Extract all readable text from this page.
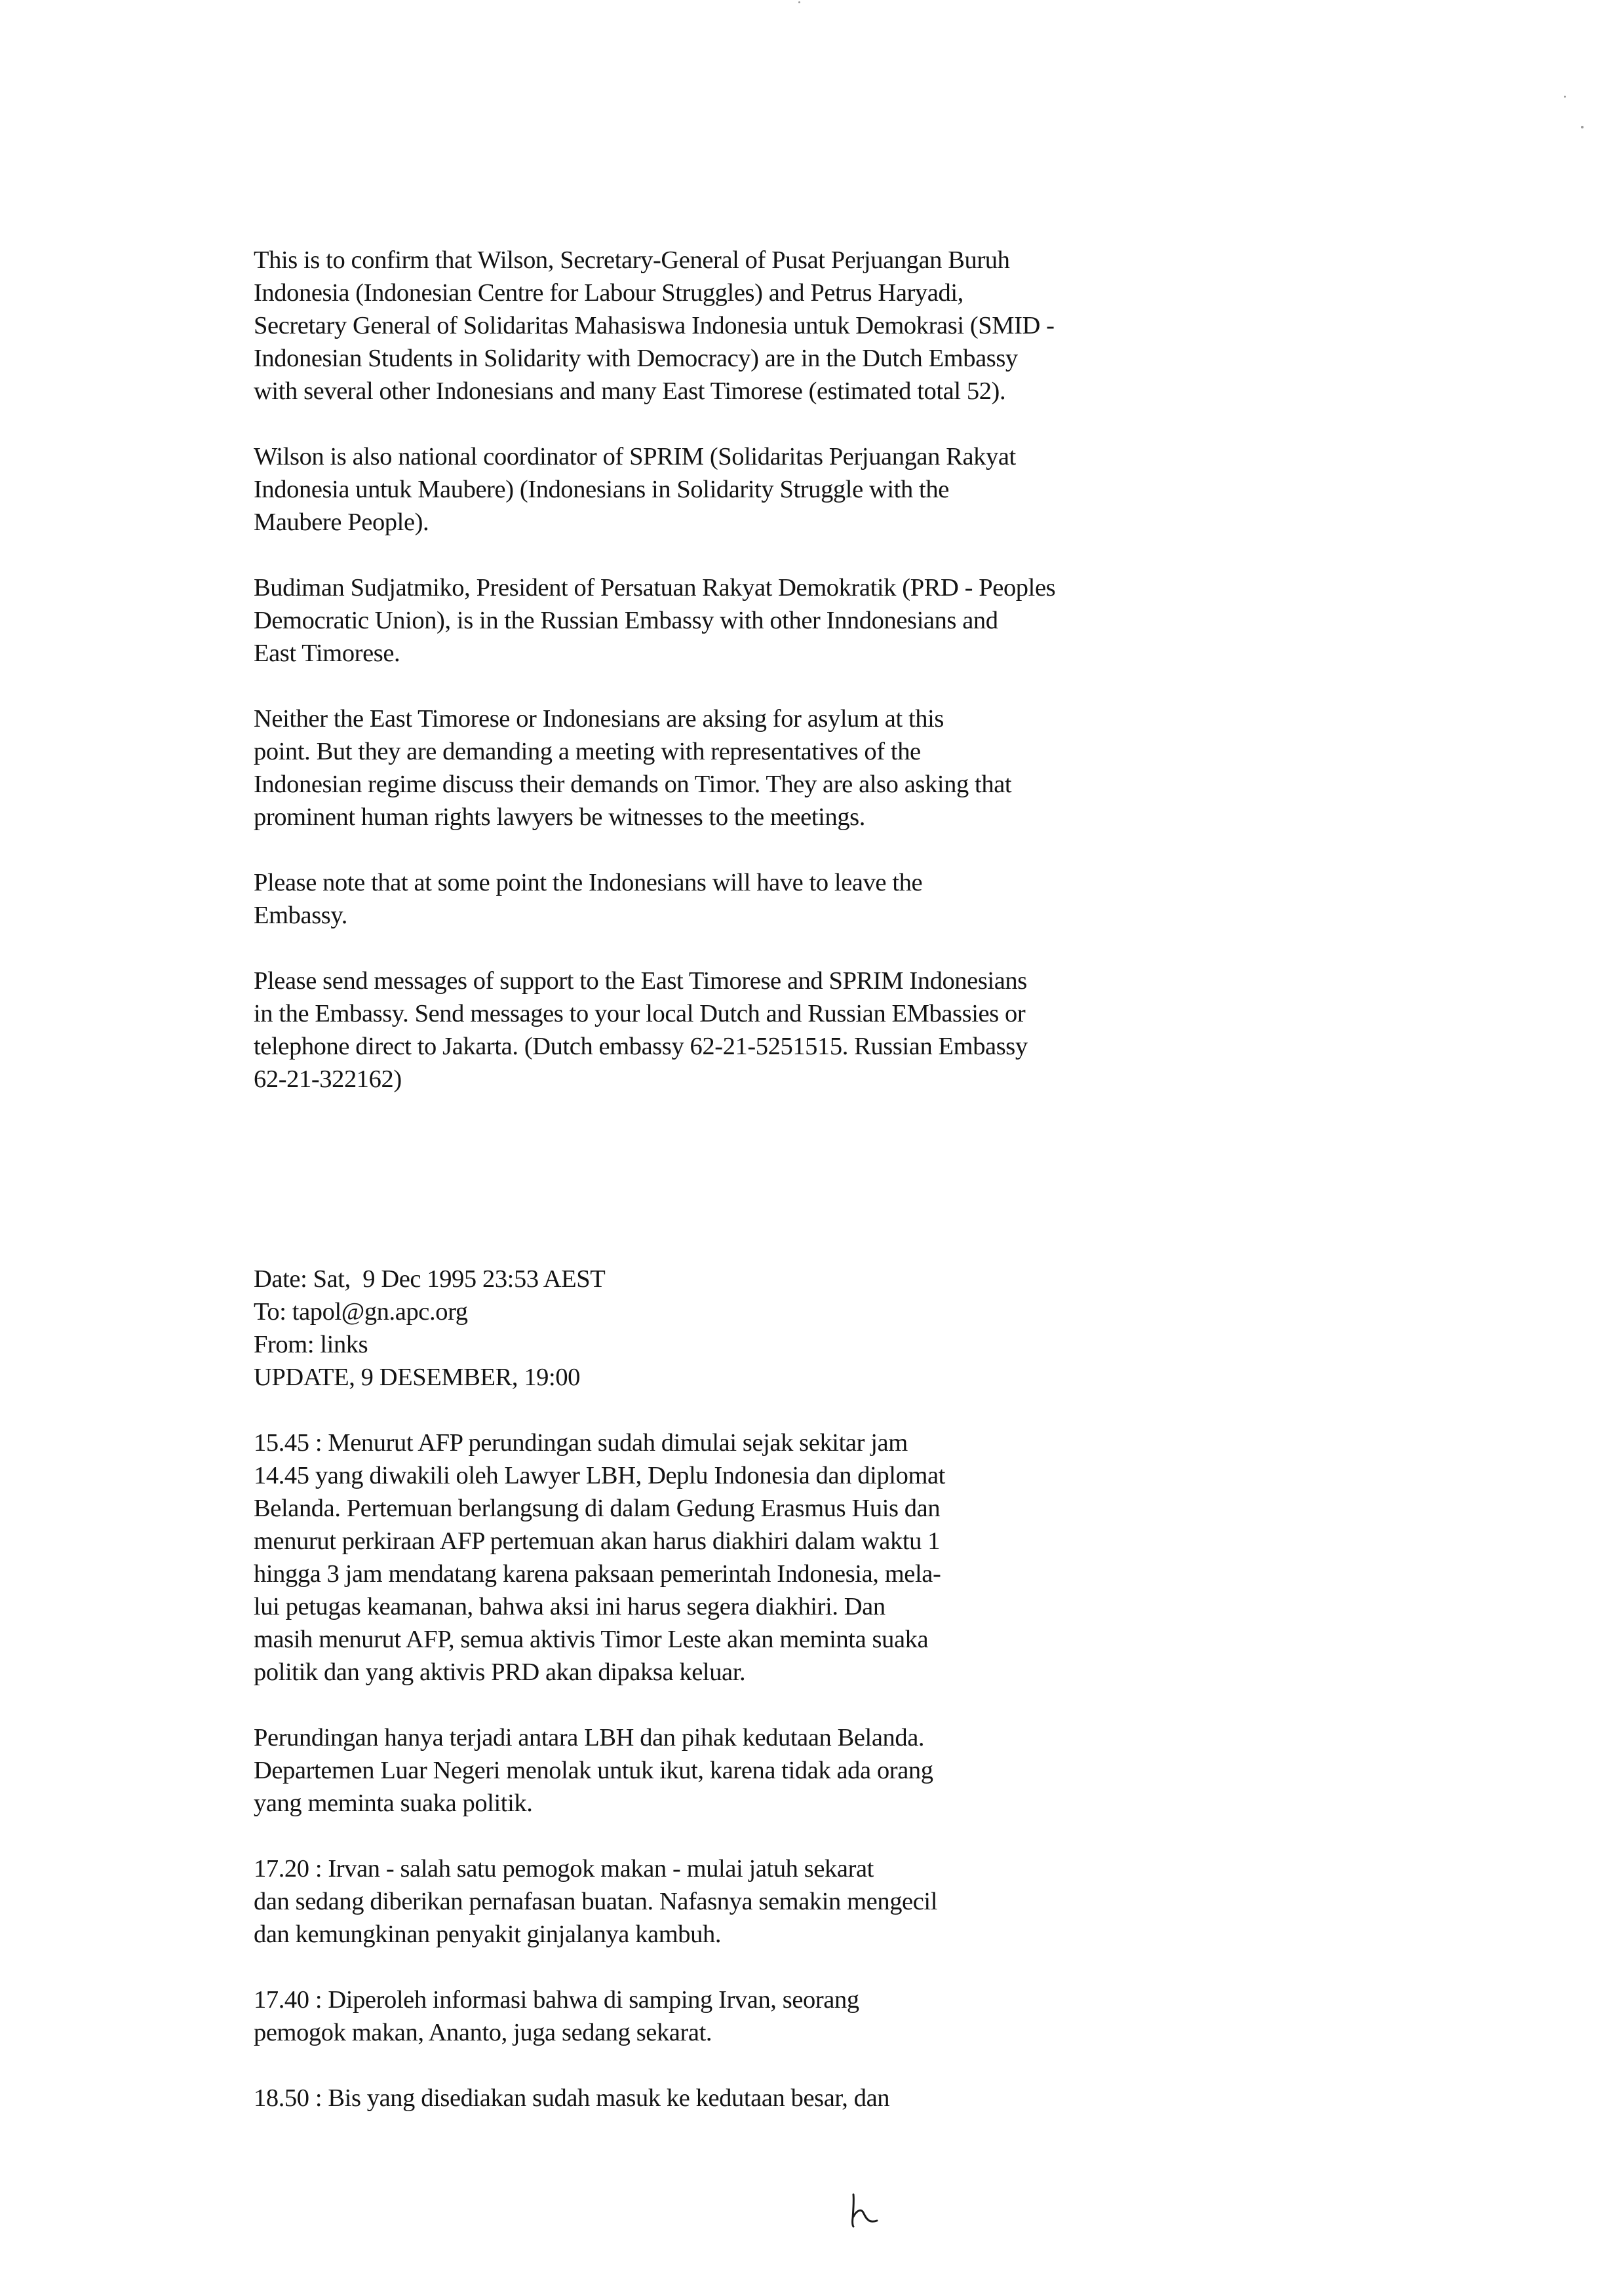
This is to confirm that Wilson, Secretary-General of Pusat Perjuangan Buruh
Indonesia (Indonesian Centre for Labour Struggles) and Petrus Haryadi,
Secretary General of Solidaritas Mahasiswa Indonesia untuk Demokrasi (SMID -
Indonesian Students in Solidarity with Democracy) are in the Dutch Embassy
with several other Indonesians and many East Timorese (estimated total 52).
Wilson is also national coordinator of SPRIM (Solidaritas Perjuangan Rakyat
Indonesia untuk Maubere) (Indonesians in Solidarity Struggle with the
Maubere People).
Budiman Sudjatmiko, President of Persatuan Rakyat Demokratik (PRD - Peoples
Democratic Union), is in the Russian Embassy with other Inndonesians and
East Timorese.
Neither the East Timorese or Indonesians are aksing for asylum at this
point. But they are demanding a meeting with representatives of the
Indonesian regime discuss their demands on Timor. They are also asking that
prominent human rights lawyers be witnesses to the meetings.
Please note that at some point the Indonesians will have to leave the
Embassy.
Please send messages of support to the East Timorese and SPRIM Indonesians
in the Embassy. Send messages to your local Dutch and Russian EMbassies or
telephone direct to Jakarta. (Dutch embassy 62-21-5251515. Russian Embassy
62-21-322162)
Date: Sat,  9 Dec 1995 23:53 AEST
To: tapol@gn.apc.org
From: links
UPDATE, 9 DESEMBER, 19:00
15.45 : Menurut AFP perundingan sudah dimulai sejak sekitar jam
14.45 yang diwakili oleh Lawyer LBH, Deplu Indonesia dan diplomat
Belanda. Pertemuan berlangsung di dalam Gedung Erasmus Huis dan
menurut perkiraan AFP pertemuan akan harus diakhiri dalam waktu 1
hingga 3 jam mendatang karena paksaan pemerintah Indonesia, mela-
lui petugas keamanan, bahwa aksi ini harus segera diakhiri. Dan
masih menurut AFP, semua aktivis Timor Leste akan meminta suaka
politik dan yang aktivis PRD akan dipaksa keluar.
Perundingan hanya terjadi antara LBH dan pihak kedutaan Belanda.
Departemen Luar Negeri menolak untuk ikut, karena tidak ada orang
yang meminta suaka politik.
17.20 : Irvan - salah satu pemogok makan - mulai jatuh sekarat
dan sedang diberikan pernafasan buatan. Nafasnya semakin mengecil
dan kemungkinan penyakit ginjalanya kambuh.
17.40 : Diperoleh informasi bahwa di samping Irvan, seorang
pemogok makan, Ananto, juga sedang sekarat.
18.50 : Bis yang disediakan sudah masuk ke kedutaan besar, dan
